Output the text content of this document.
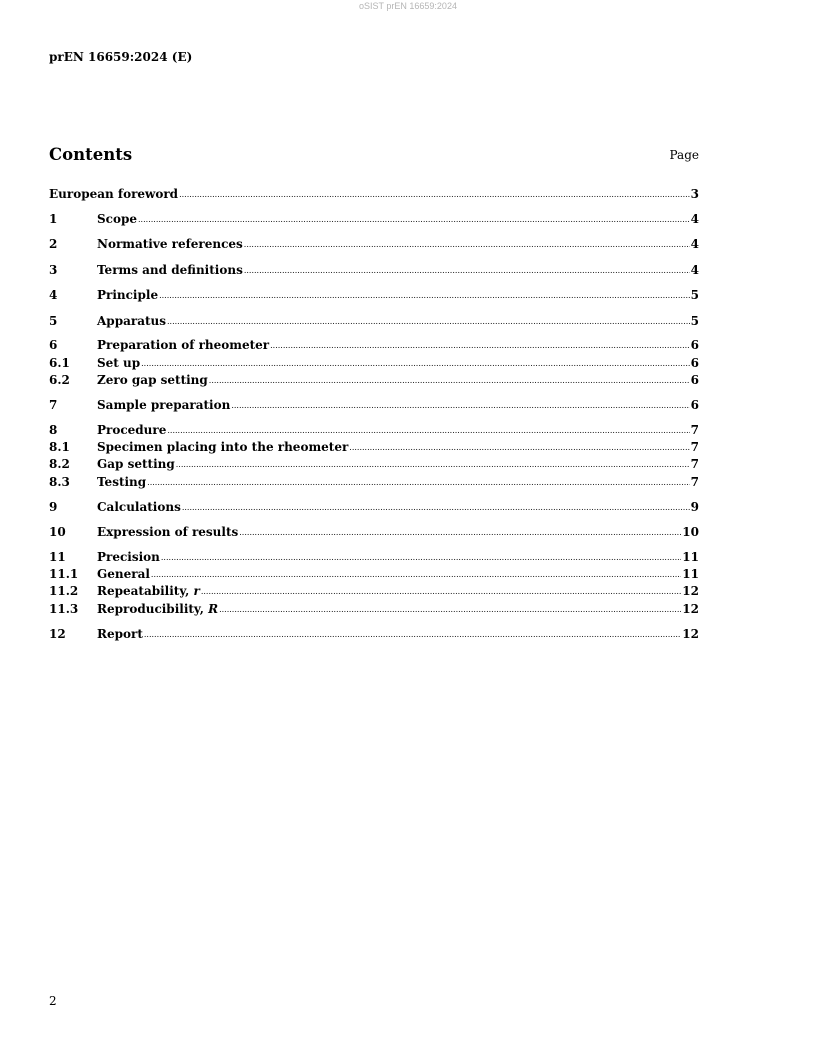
oSIST prEN 16659:2024
prEN 16659:2024 (E)
Contents	Page
European foreword .....	3
1	Scope .....	4
2	Normative references .....	4
3	Terms and definitions .....	4
4	Principle .....	5
5	Apparatus .....	5
6	Preparation of rheometer .....	6
6.1	Set up .....	6
6.2	Zero gap setting .....	6
7	Sample preparation .....	6
8	Procedure .....	7
8.1	Specimen placing into the rheometer .....	7
8.2	Gap setting .....	7
8.3	Testing .....	7
9	Calculations .....	9
10	Expression of results .....	10
11	Precision .....	11
11.1	General .....	11
11.2	Repeatability, r .....	12
11.3	Reproducibility, R .....	12
12	Report .....	12
2
